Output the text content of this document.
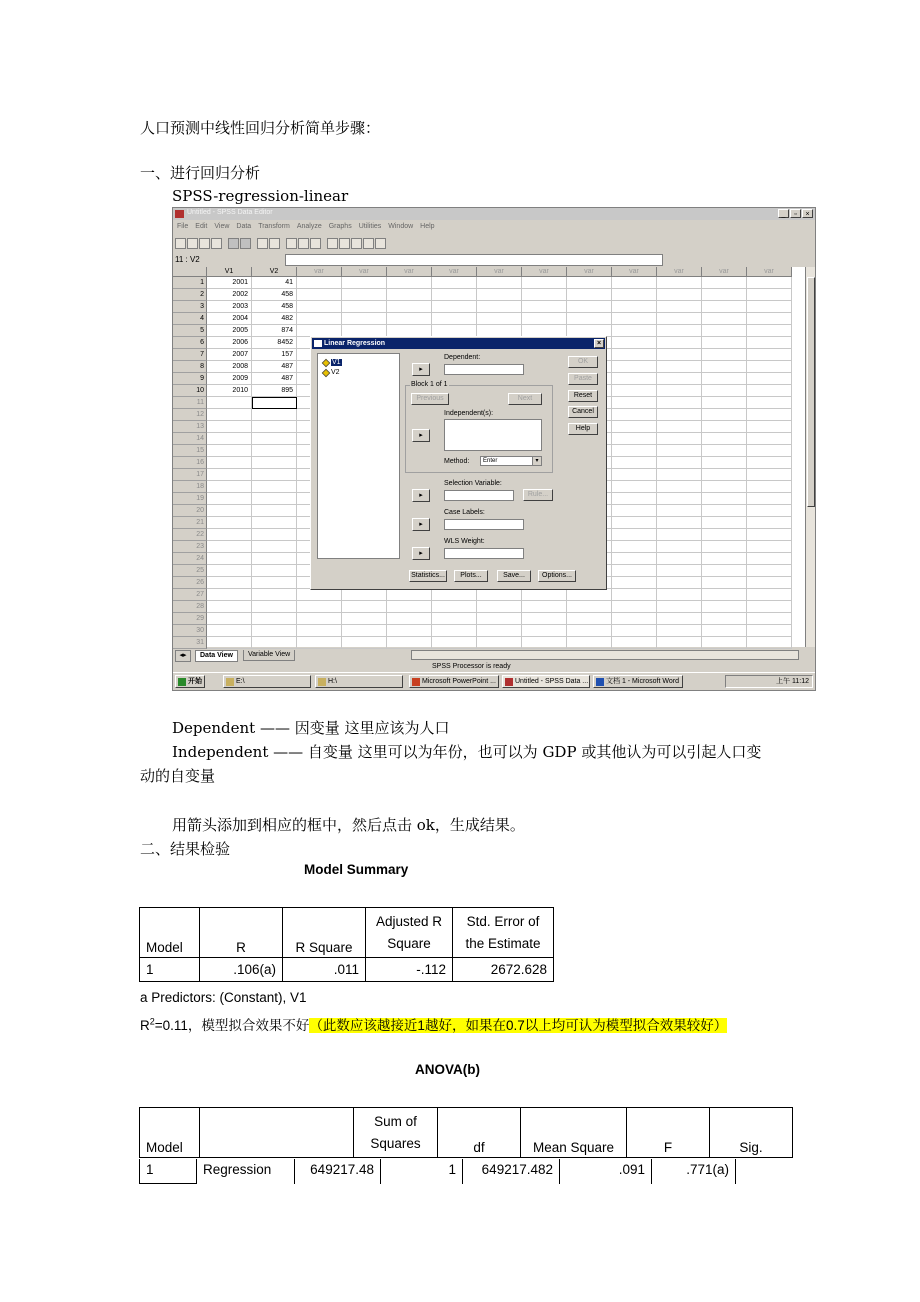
人口预测中线性回归分析简单步骤：
一、进行回归分析
SPSS-regression-linear
Untitled - SPSS Data Editor	_	▫	×
File Edit View Data Transform Analyze Graphs Utilities Window Help
11 : V2
V1	V2	var	var	var	var	var	var	var	var	var	var	var
1	2001	41
2	2002	458
3	2003	458
4	2004	482
5	2005	874
6	2006	8452
7	2007	157
8	2008	487
9	2009	487
10	2010	895
11
12
13
14
15
16
17
18
19
20
21
22
23
24
25
26
27
28
29
30
31
◂▸	Data View	Variable View
SPSS Processor is ready
开始	E:\	H:\	Microsoft PowerPoint ...	Untitled - SPSS Data ...	文档 1 - Microsoft Word	上午 11:12
Linear Regression	×
V1
V2	▸
Dependent:
Block 1 of 1
Previous	Next
Independent(s):
▸
Method:	Enter	▾
Selection Variable:
Rule...
▸
Case Labels:
▸
WLS Weight:
▸
OK
Paste
Reset
Cancel
Help
Statistics...	Plots...	Save...	Options...
Dependent —— 因变量 这里应该为人口
Independent —— 自变量 这里可以为年份，也可以为 GDP 或其他认为可以引起人口变
动的自变量
用箭头添加到相应的框中，然后点击 ok，生成结果。
二、结果检验
Model Summary
Model	R	R Square	Adjusted R Square	Std. Error of the Estimate
1	.106(a)	.011	-.112	2672.628
a Predictors: (Constant), V1
$R^2=0.11$，模型拟合效果不好（此数应该越接近1越好，如果在0.7以上均可认为模型拟合效果较好）
ANOVA(b)
Model		Sum of Squares	df	Mean Square	F	Sig.
1	Regression	649217.48	1	649217.482	.091	.771(a)
